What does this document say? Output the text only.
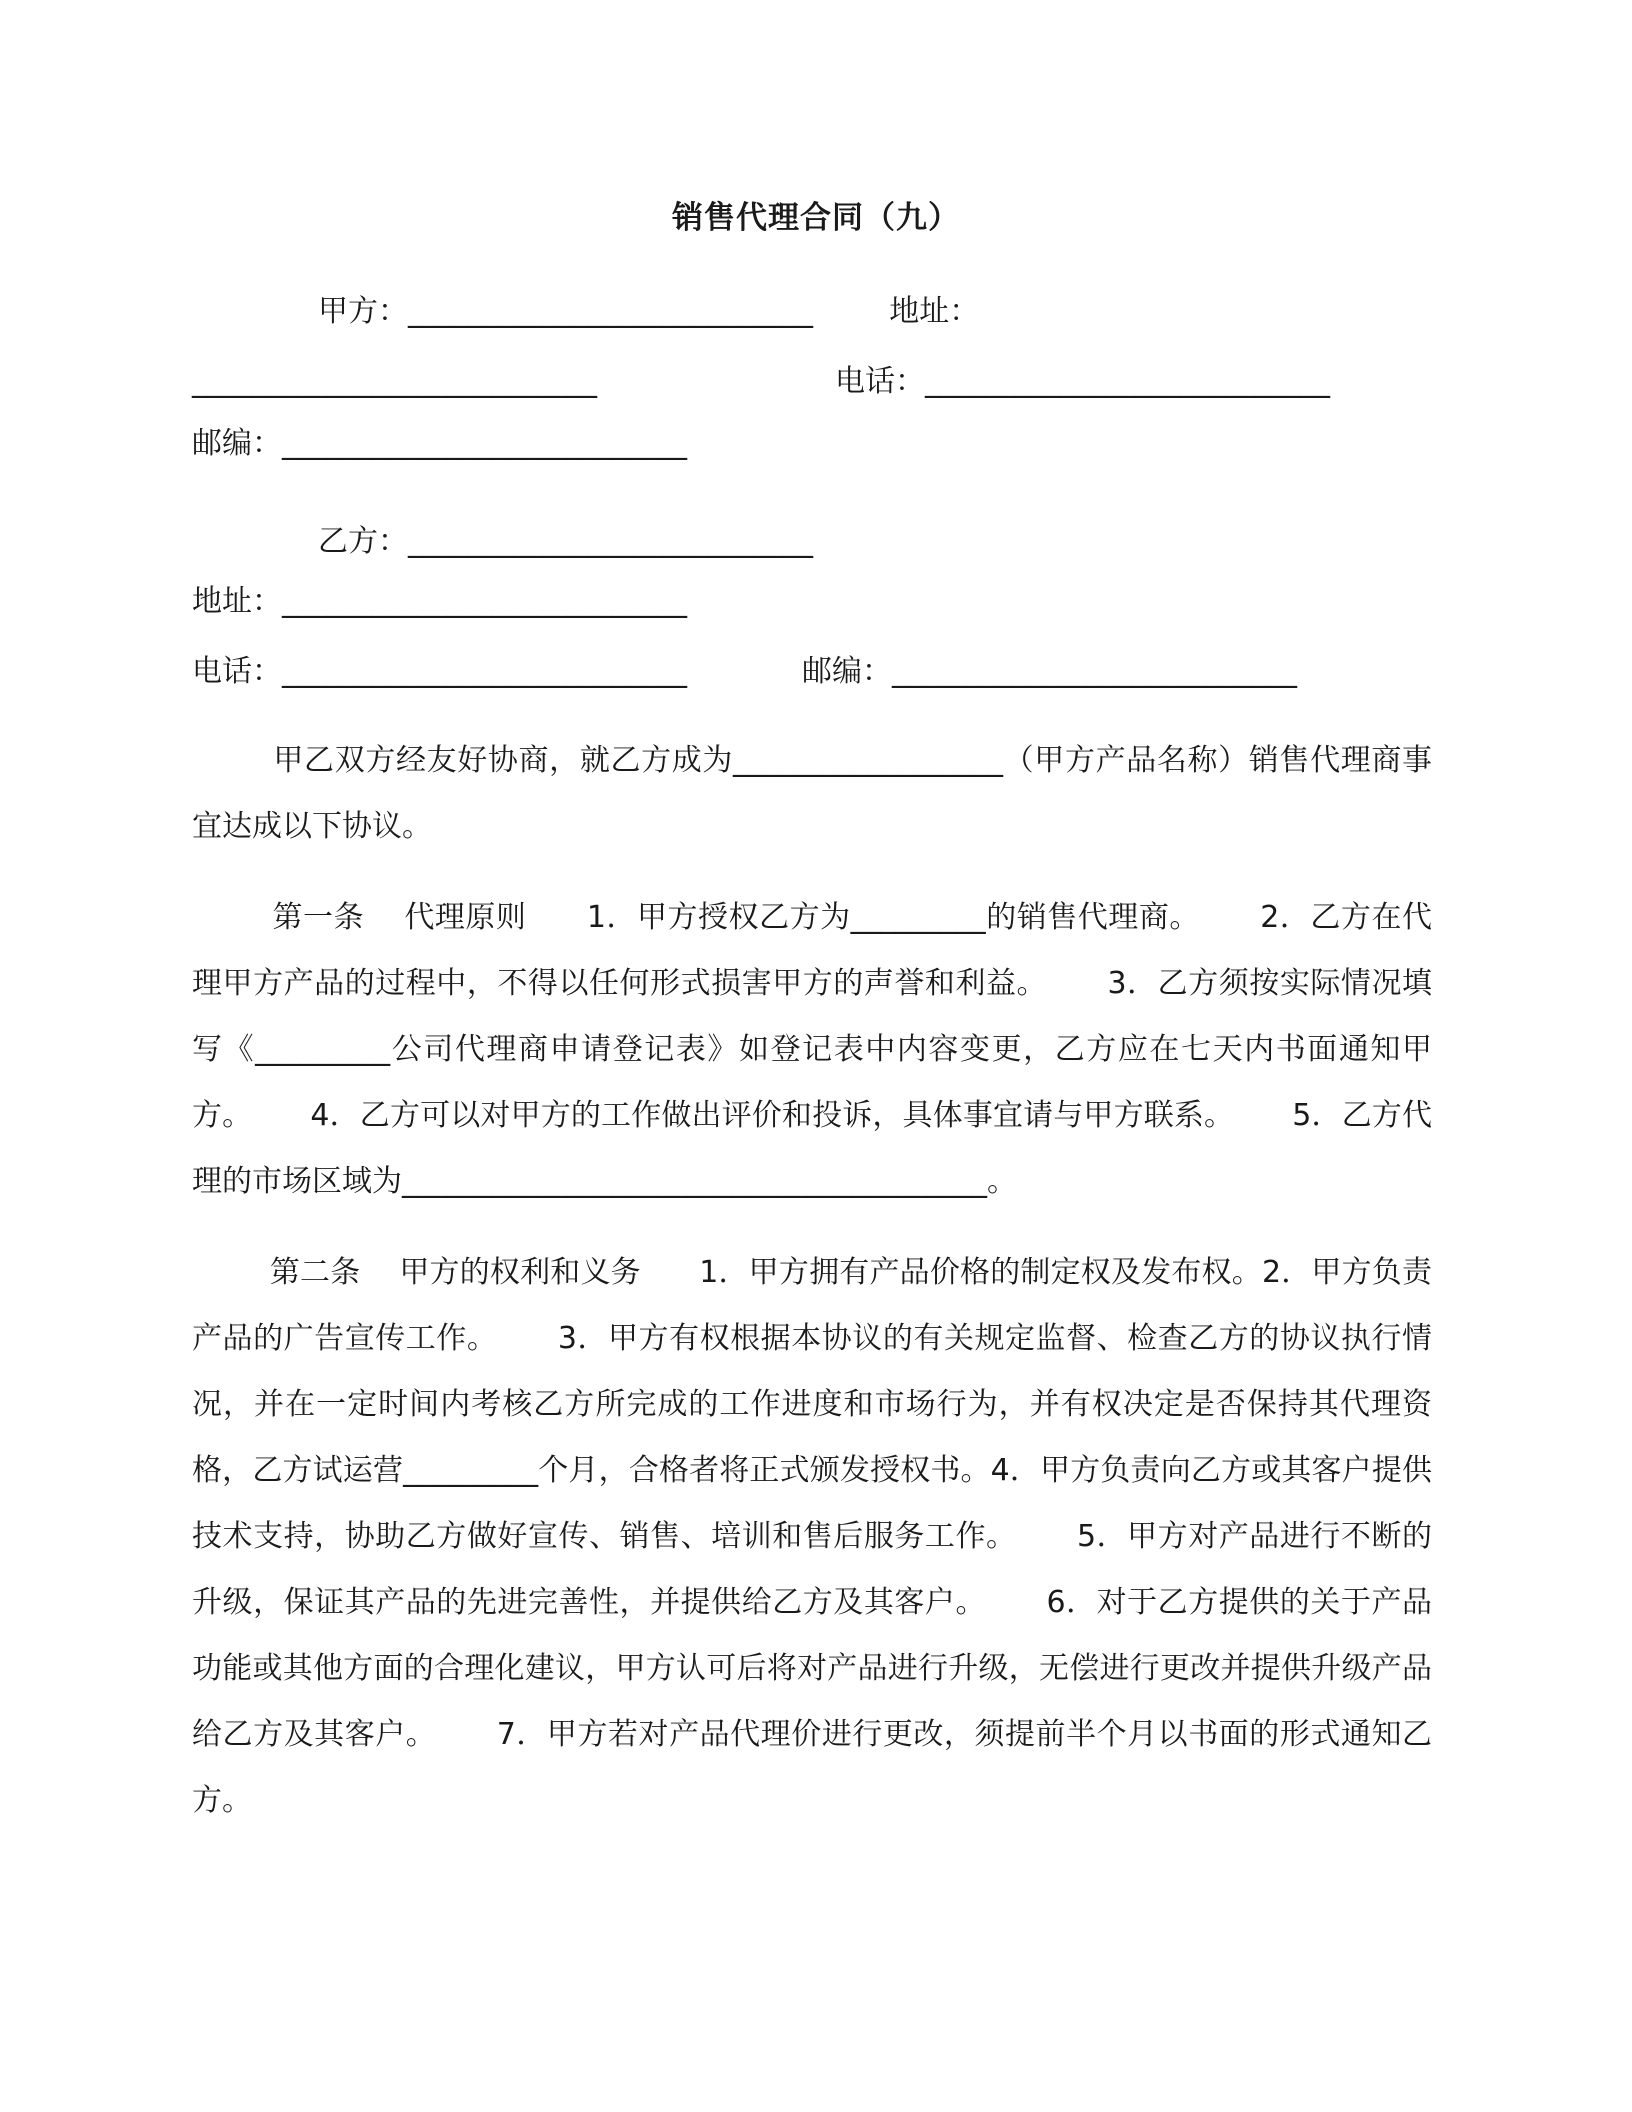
销售代理合同（九）
甲方：___________________________        地址：
___________________________	电话：___________________________
邮编：___________________________
乙方：___________________________
地址：___________________________
电话：___________________________	邮编：___________________________
甲乙双方经友好协商，就乙方成为__________________（甲方产品名称）销售代理商事宜达成以下协议。
第一条    代理原则      1．甲方授权乙方为_________的销售代理商。      2．乙方在代理甲方产品的过程中，不得以任何形式损害甲方的声誉和利益。      3．乙方须按实际情况填写《_________公司代理商申请登记表》如登记表中内容变更，乙方应在七天内书面通知甲方。      4．乙方可以对甲方的工作做出评价和投诉，具体事宜请与甲方联系。      5．乙方代理的市场区域为_______________________________________。
第二条    甲方的权利和义务      1．甲方拥有产品价格的制定权及发布权。2．甲方负责产品的广告宣传工作。      3．甲方有权根据本协议的有关规定监督、检查乙方的协议执行情况，并在一定时间内考核乙方所完成的工作进度和市场行为，并有权决定是否保持其代理资格，乙方试运营_________个月，合格者将正式颁发授权书。4．甲方负责向乙方或其客户提供技术支持，协助乙方做好宣传、销售、培训和售后服务工作。      5．甲方对产品进行不断的升级，保证其产品的先进完善性，并提供给乙方及其客户。      6．对于乙方提供的关于产品功能或其他方面的合理化建议，甲方认可后将对产品进行升级，无偿进行更改并提供升级产品给乙方及其客户。      7．甲方若对产品代理价进行更改，须提前半个月以书面的形式通知乙方。
